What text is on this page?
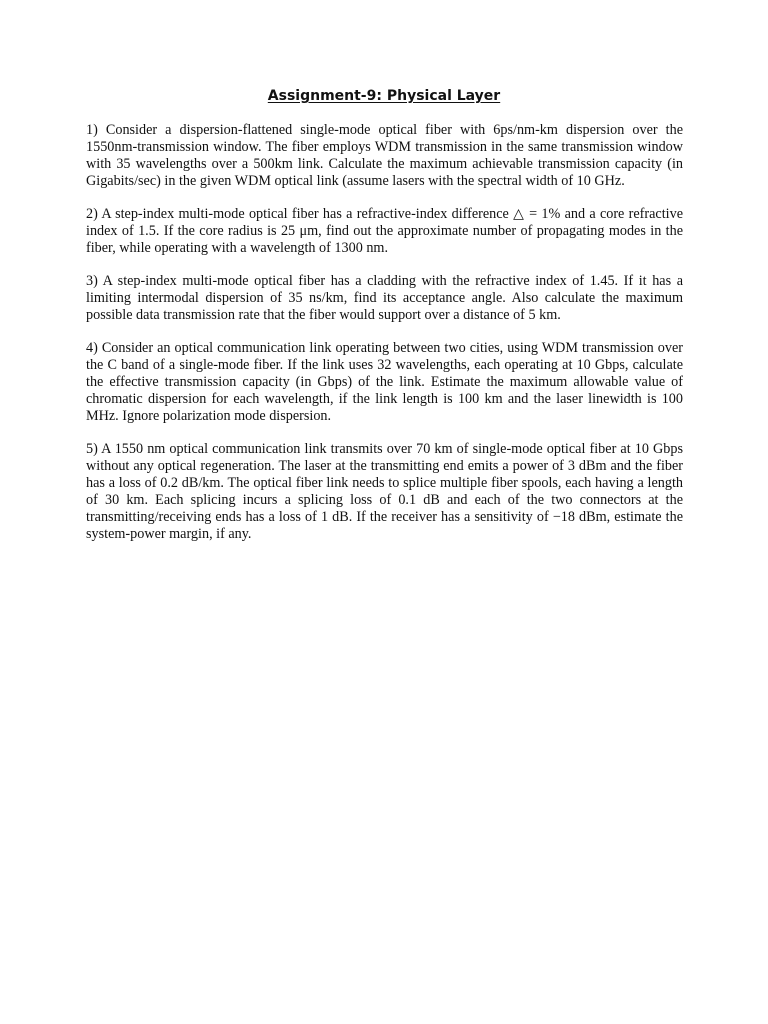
Assignment-9: Physical Layer

1) Consider a dispersion-flattened single-mode optical fiber with 6ps/nm-km dispersion over the 1550nm-transmission window. The fiber employs WDM transmission in the same transmission window with 35 wavelengths over a 500km link. Calculate the maximum achievable transmission capacity (in Gigabits/sec) in the given WDM optical link (assume lasers with the spectral width of 10 GHz.

2) A step-index multi-mode optical fiber has a refractive-index difference △ = 1% and a core refractive index of 1.5. If the core radius is 25 μm, find out the approximate number of propagating modes in the fiber, while operating with a wavelength of 1300 nm.

3) A step-index multi-mode optical fiber has a cladding with the refractive index of 1.45. If it has a limiting intermodal dispersion of 35 ns/km, find its acceptance angle. Also calculate the maximum possible data transmission rate that the fiber would support over a distance of 5 km.

4) Consider an optical communication link operating between two cities, using WDM transmission over the C band of a single-mode fiber. If the link uses 32 wavelengths, each operating at 10 Gbps, calculate the effective transmission capacity (in Gbps) of the link. Estimate the maximum allowable value of chromatic dispersion for each wavelength, if the link length is 100 km and the laser linewidth is 100 MHz. Ignore polarization mode dispersion.

5) A 1550 nm optical communication link transmits over 70 km of single-mode optical fiber at 10 Gbps without any optical regeneration. The laser at the transmitting end emits a power of 3 dBm and the fiber has a loss of 0.2 dB/km. The optical fiber link needs to splice multiple fiber spools, each having a length of 30 km. Each splicing incurs a splicing loss of 0.1 dB and each of the two connectors at the transmitting/receiving ends has a loss of 1 dB. If the receiver has a sensitivity of −18 dBm, estimate the system-power margin, if any.
